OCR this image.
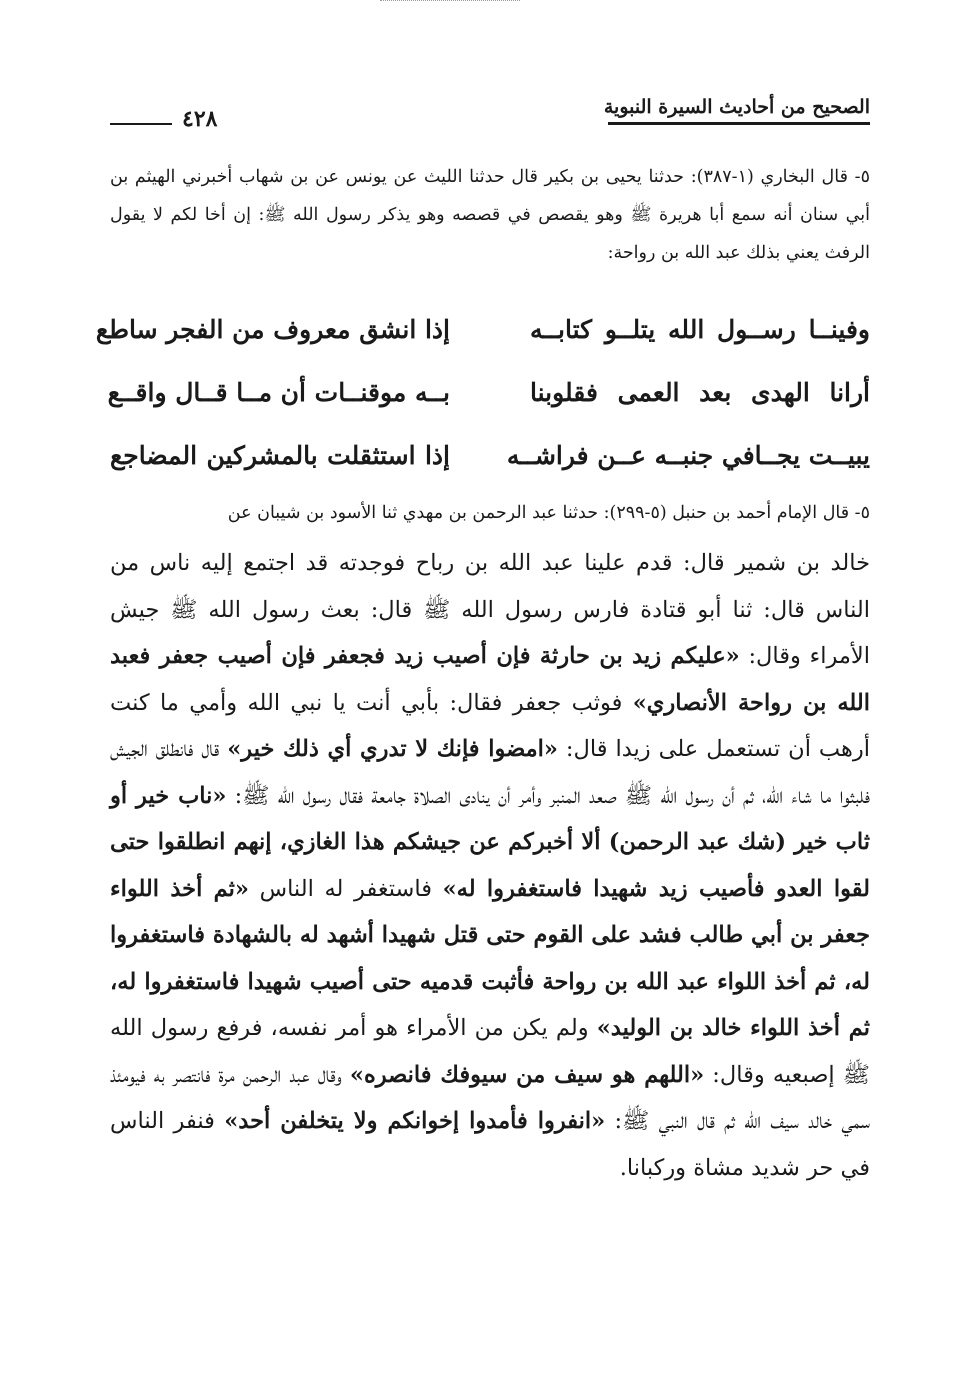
الصحيح من أحاديث السيرة النبوية
٤٢٨

٥- قال البخاري (١-٣٨٧): حدثنا يحيى بن بكير قال حدثنا الليث عن يونس عن بن شهاب أخبرني الهيثم بن أبي سنان أنه سمع أبا هريرة ﷺ وهو يقصص في قصصه وهو يذكر رسول الله ﷺ: إن أخا لكم لا يقول الرفث يعني بذلك عبد الله بن رواحة:

وفينــا رســول الله يتلــو كتابــه
إذا انشق معروف من الفجر ساطع
أرانا الهدى بعد العمى فقلوبنا
بــه موقنــات أن مــا قــال واقــع
يبيــت يجــافي جنبــه عــن فراشــه
إذا استثقلت بالمشركين المضاجع

٥- قال الإمام أحمد بن حنبل (٥-٢٩٩): حدثنا عبد الرحمن بن مهدي ثنا الأسود بن شيبان عن

خالد بن شمير قال: قدم علينا عبد الله بن رباح فوجدته قد اجتمع إليه ناس من الناس قال: ثنا أبو قتادة فارس رسول الله ﷺ قال: بعث رسول الله ﷺ جيش الأمراء وقال: «عليكم زيد بن حارثة فإن أصيب زيد فجعفر فإن أصيب جعفر فعبد الله بن رواحة الأنصاري» فوثب جعفر فقال: بأبي أنت يا نبي الله وأمي ما كنت أرهب أن تستعمل على زيدا قال: «امضوا فإنك لا تدري أي ذلك خير» قال فانطلق الجيش فلبثوا ما شاء الله، ثم أن رسول الله ﷺ صعد المنبر وأمر أن ينادى الصلاة جامعة فقال رسول الله ﷺ: «ناب خير أو ثاب خير (شك عبد الرحمن) ألا أخبركم عن جيشكم هذا الغازي، إنهم انطلقوا حتى لقوا العدو فأصيب زيد شهيدا فاستغفروا له» فاستغفر له الناس «ثم أخذ اللواء جعفر بن أبي طالب فشد على القوم حتى قتل شهيدا أشهد له بالشهادة فاستغفروا له، ثم أخذ اللواء عبد الله بن رواحة فأثبت قدميه حتى أصيب شهيدا فاستغفروا له، ثم أخذ اللواء خالد بن الوليد» ولم يكن من الأمراء هو أمر نفسه، فرفع رسول الله ﷺ إصبعيه وقال: «اللهم هو سيف من سيوفك فانصره» وقال عبد الرحمن مرة فانتصر به فيومئذ سمي خالد سيف الله ثم قال النبي ﷺ: «انفروا فأمدوا إخوانكم ولا يتخلفن أحد» فنفر الناس في حر شديد مشاة وركبانا.
